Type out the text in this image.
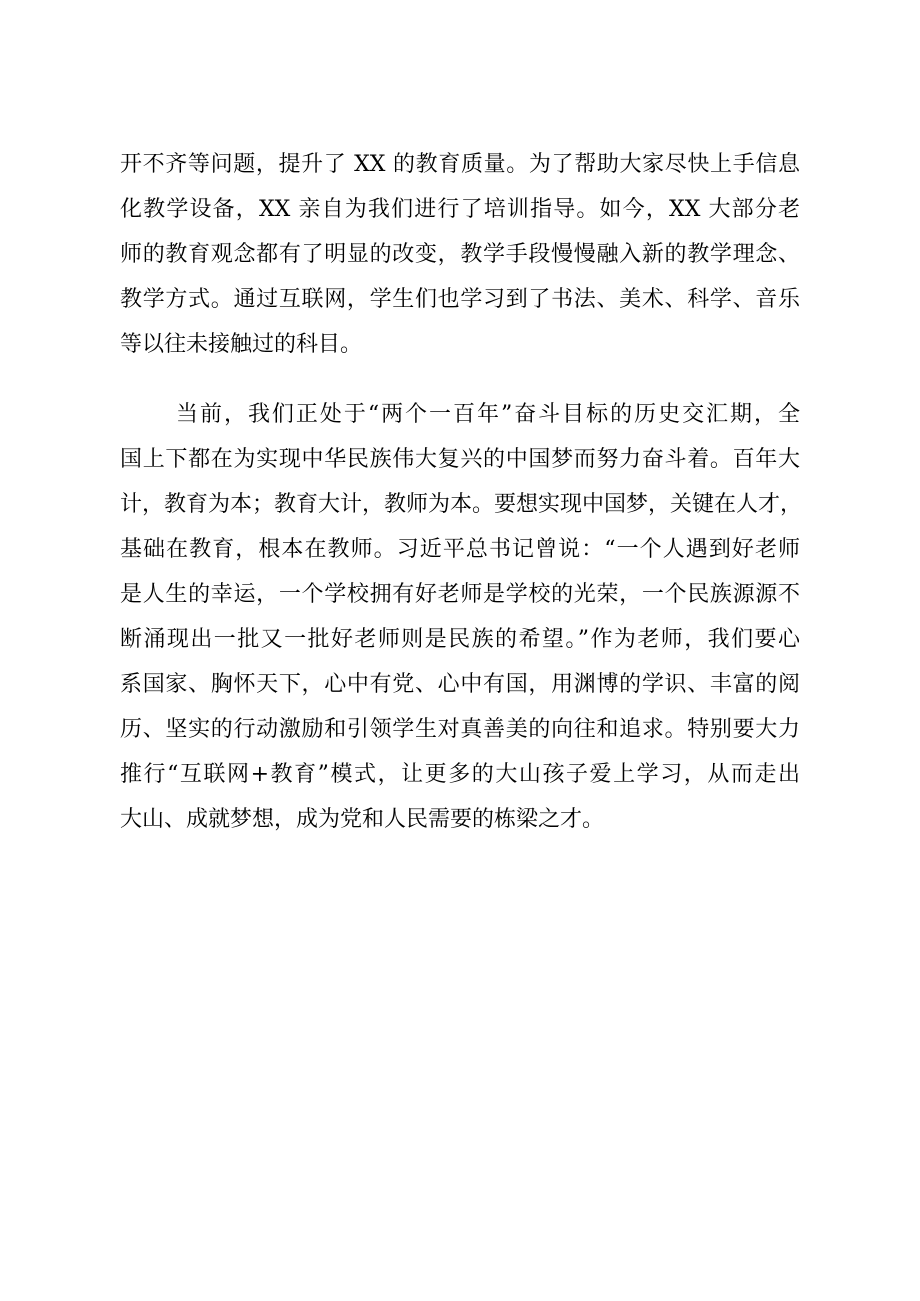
开不齐等问题，提升了 XX 的教育质量。为了帮助大家尽快上手信息
化教学设备，XX 亲自为我们进行了培训指导。如今，XX 大部分老
师的教育观念都有了明显的改变，教学手段慢慢融入新的教学理念、
教学方式。通过互联网，学生们也学习到了书法、美术、科学、音乐
等以往未接触过的科目。
当前，我们正处于“两个一百年”奋斗目标的历史交汇期，全
国上下都在为实现中华民族伟大复兴的中国梦而努力奋斗着。百年大
计，教育为本；教育大计，教师为本。要想实现中国梦，关键在人才，
基础在教育，根本在教师。习近平总书记曾说：“一个人遇到好老师
是人生的幸运，一个学校拥有好老师是学校的光荣，一个民族源源不
断涌现出一批又一批好老师则是民族的希望。”作为老师，我们要心
系国家、胸怀天下，心中有党、心中有国，用渊博的学识、丰富的阅
历、坚实的行动激励和引领学生对真善美的向往和追求。特别要大力
推行“互联网+教育”模式，让更多的大山孩子爱上学习，从而走出
大山、成就梦想，成为党和人民需要的栋梁之才。
